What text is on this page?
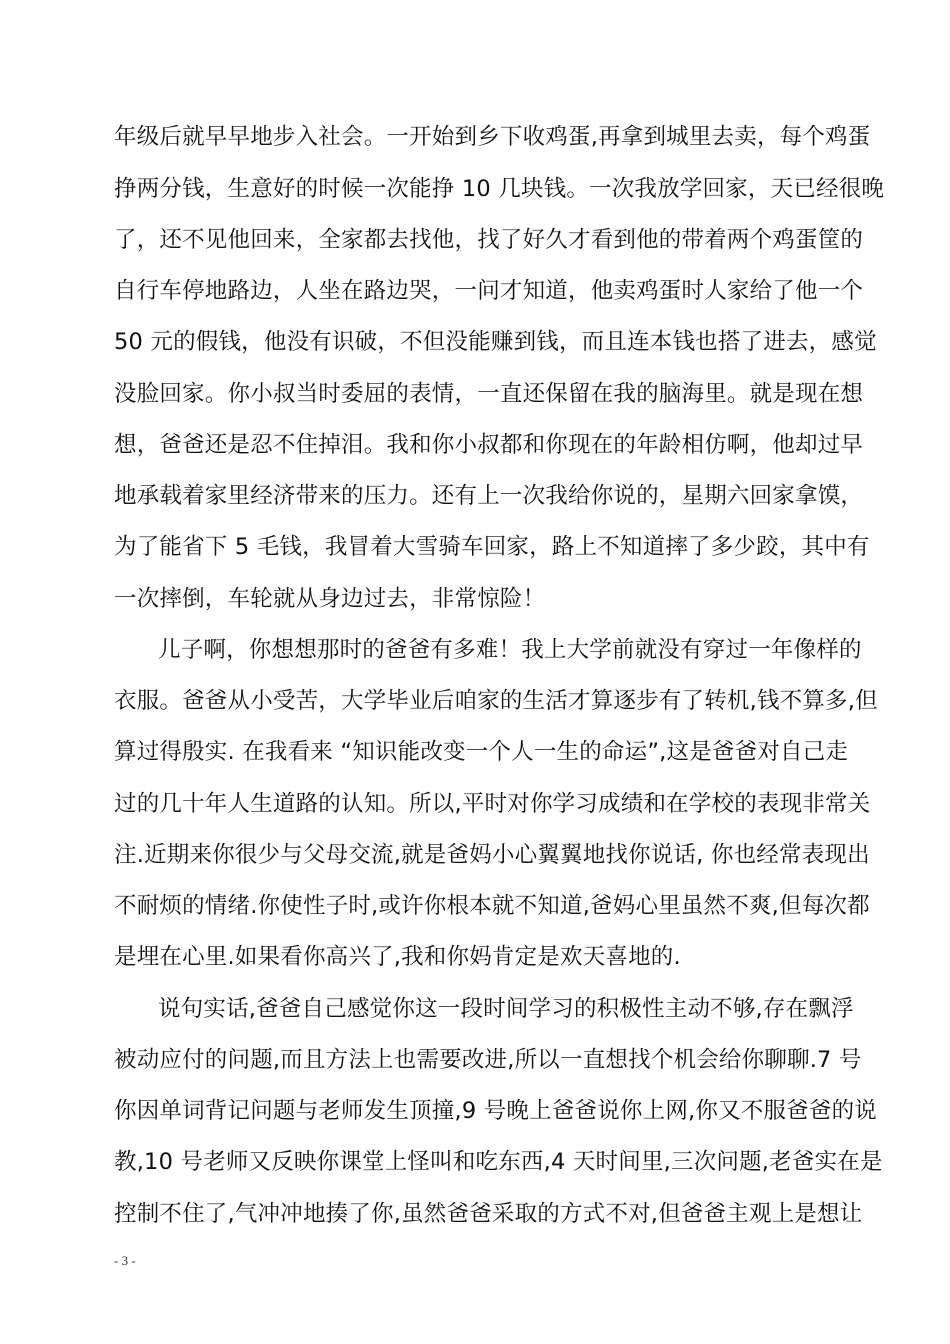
年级后就早早地步入社会。一开始到乡下收鸡蛋,再拿到城里去卖，每个鸡蛋
挣两分钱，生意好的时候一次能挣 10 几块钱。一次我放学回家，天已经很晚
了，还不见他回来，全家都去找他，找了好久才看到他的带着两个鸡蛋筐的
自行车停地路边，人坐在路边哭，一问才知道，他卖鸡蛋时人家给了他一个
50 元的假钱，他没有识破，不但没能赚到钱，而且连本钱也搭了进去，感觉
没脸回家。你小叔当时委屈的表情，一直还保留在我的脑海里。就是现在想
想，爸爸还是忍不住掉泪。我和你小叔都和你现在的年龄相仿啊，他却过早
地承载着家里经济带来的压力。还有上一次我给你说的，星期六回家拿馍，
为了能省下 5 毛钱，我冒着大雪骑车回家，路上不知道摔了多少跤，其中有
一次摔倒，车轮就从身边过去，非常惊险！
儿子啊，你想想那时的爸爸有多难！我上大学前就没有穿过一年像样的
衣服。爸爸从小受苦，大学毕业后咱家的生活才算逐步有了转机,钱不算多,但
算过得殷实. 在我看来 “知识能改变一个人一生的命运”,这是爸爸对自己走
过的几十年人生道路的认知。所以,平时对你学习成绩和在学校的表现非常关
注.近期来你很少与父母交流,就是爸妈小心翼翼地找你说话, 你也经常表现出
不耐烦的情绪.你使性子时,或许你根本就不知道,爸妈心里虽然不爽,但每次都
是埋在心里.如果看你高兴了,我和你妈肯定是欢天喜地的.
说句实话,爸爸自己感觉你这一段时间学习的积极性主动不够,存在飘浮
被动应付的问题,而且方法上也需要改进,所以一直想找个机会给你聊聊.7 号
你因单词背记问题与老师发生顶撞,9 号晚上爸爸说你上网,你又不服爸爸的说
教,10 号老师又反映你课堂上怪叫和吃东西,4 天时间里,三次问题,老爸实在是
控制不住了,气冲冲地揍了你,虽然爸爸采取的方式不对,但爸爸主观上是想让
- 3 -
